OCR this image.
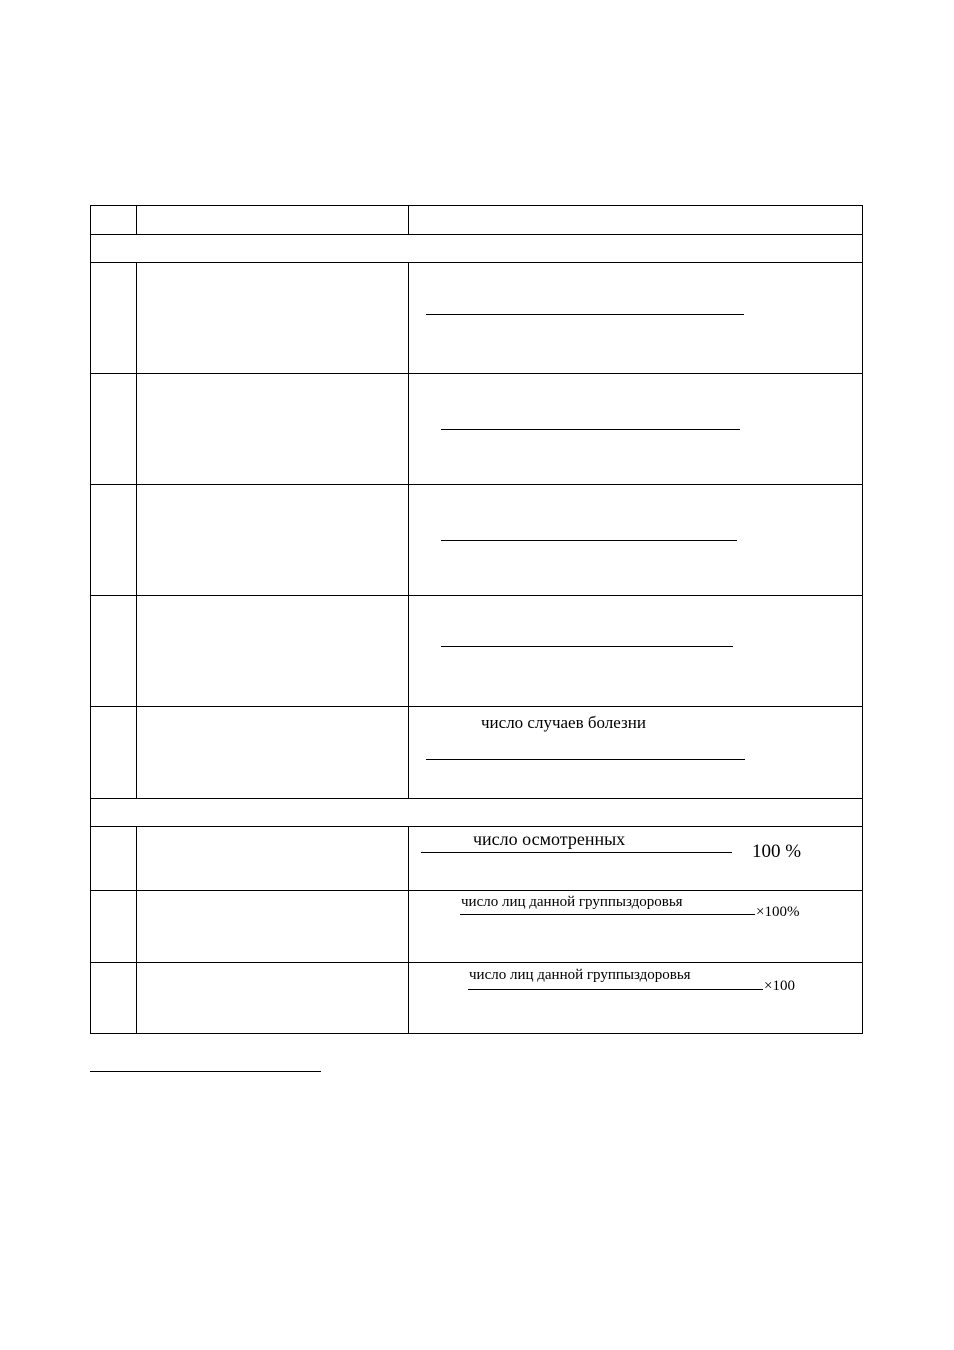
число случаев болезни
число осмотренных
100 %
число лиц данной группыздоровья
×100%
число лиц данной группыздоровья
×100
